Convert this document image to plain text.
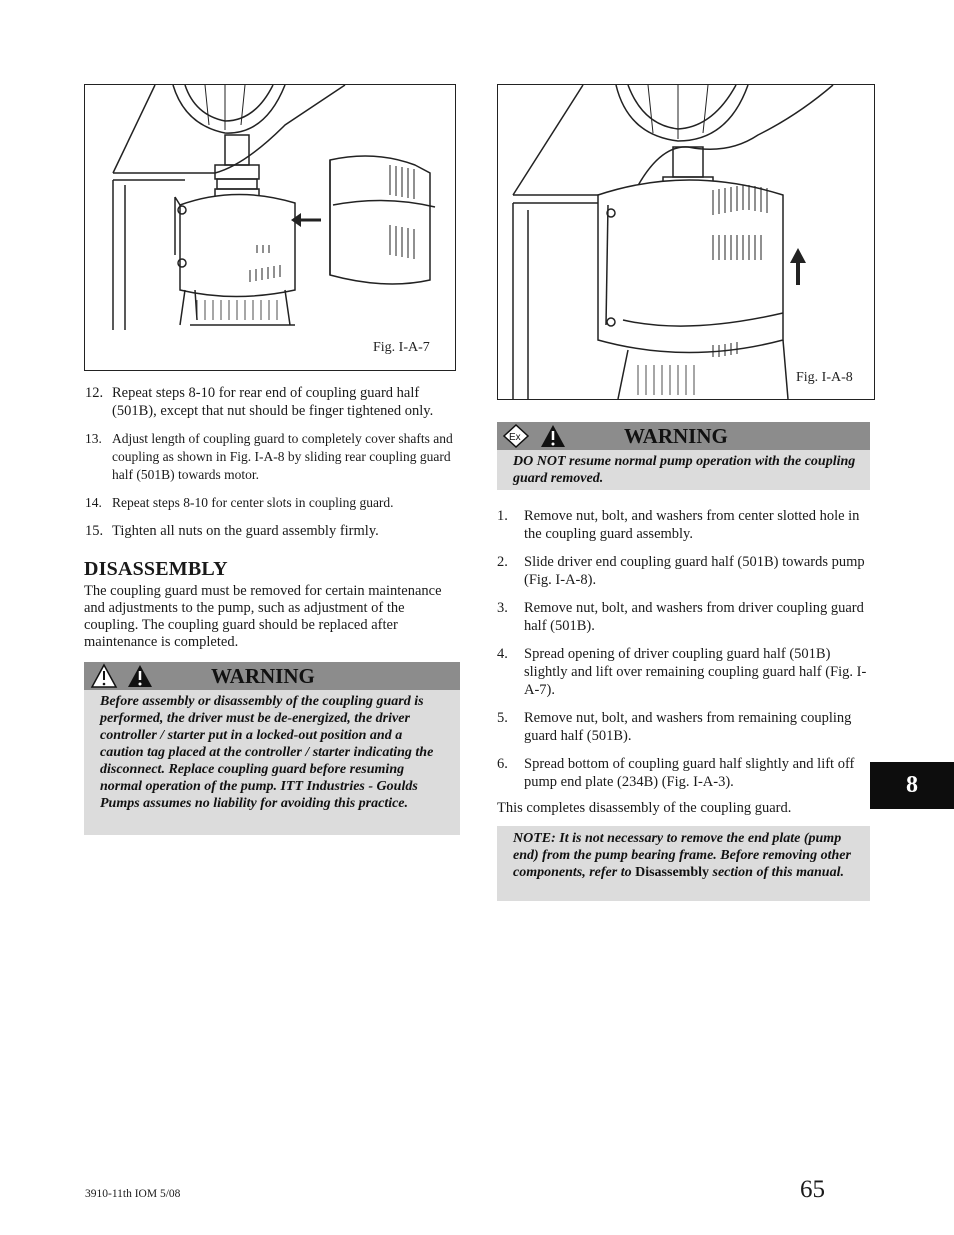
Fig. I-A-7
Fig. I-A-8
12. Repeat steps 8-10 for rear end of coupling guard half (501B), except that nut should be finger tightened only.
13. Adjust length of coupling guard to completely cover shafts and coupling as shown in Fig. I-A-8 by sliding rear coupling guard half (501B) towards motor.
14. Repeat steps 8-10 for center slots in coupling guard.
15. Tighten all nuts on the guard assembly firmly.
DISASSEMBLY
The coupling guard must be removed for certain maintenance and adjustments to the pump, such as adjustment of the coupling. The coupling guard should be replaced after maintenance is completed.
WARNING
Before assembly or disassembly of the coupling guard is performed, the driver must be de-energized, the driver controller / starter put in a locked-out position and a caution tag placed at the controller / starter indicating the disconnect. Replace coupling guard before resuming normal operation of the pump. ITT Industries - Goulds Pumps assumes no liability for avoiding this practice.
Ex	WARNING
DO NOT resume normal pump operation with the coupling guard removed.
1.	Remove nut, bolt, and washers from center slotted hole in the coupling guard assembly.
2.	Slide driver end coupling guard half (501B) towards pump (Fig. I-A-8).
3.	Remove nut, bolt, and washers from driver coupling guard half (501B).
4.	Spread opening of driver coupling guard half (501B) slightly and lift over remaining coupling guard half (Fig. I-A-7).
5.	Remove nut, bolt, and washers from remaining coupling guard half (501B).
6.	Spread bottom of coupling guard half slightly and lift off pump end plate (234B) (Fig. I-A-3).
This completes disassembly of the coupling guard.
NOTE: It is not necessary to remove the end plate (pump end) from the pump bearing frame. Before removing other components, refer to Disassembly section of this manual.
8
3910-11th IOM 5/08	65
